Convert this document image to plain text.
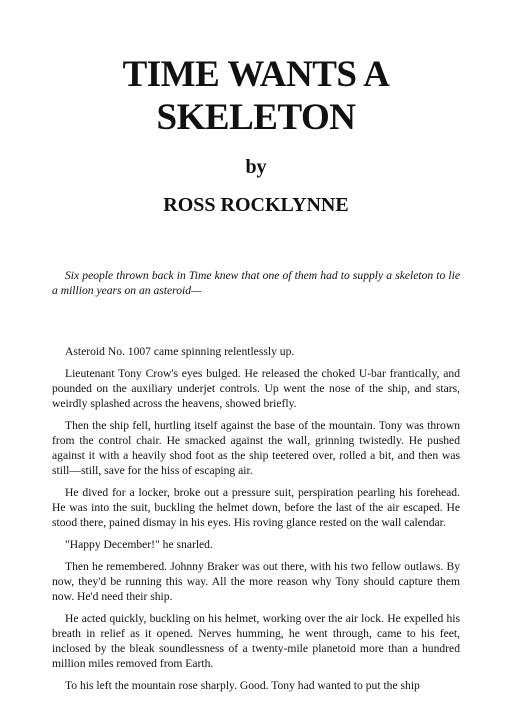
TIME WANTS A
SKELETON
by
ROSS ROCKLYNNE

Six people thrown back in Time knew that one of them had to supply a skeleton to lie a million years on an asteroid—

Asteroid No. 1007 came spinning relentlessly up.

Lieutenant Tony Crow's eyes bulged. He released the choked U-bar frantically, and pounded on the auxiliary underjet controls. Up went the nose of the ship, and stars, weirdly splashed across the heavens, showed briefly.

Then the ship fell, hurtling itself against the base of the mountain. Tony was thrown from the control chair. He smacked against the wall, grinning twistedly. He pushed against it with a heavily shod foot as the ship teetered over, rolled a bit, and then was still—still, save for the hiss of escaping air.

He dived for a locker, broke out a pressure suit, perspiration pearling his forehead. He was into the suit, buckling the helmet down, before the last of the air escaped. He stood there, pained dismay in his eyes. His roving glance rested on the wall calendar.

"Happy December!" he snarled.

Then he remembered. Johnny Braker was out there, with his two fellow outlaws. By now, they'd be running this way. All the more reason why Tony should capture them now. He'd need their ship.

He acted quickly, buckling on his helmet, working over the air lock. He expelled his breath in relief as it opened. Nerves humming, he went through, came to his feet, inclosed by the bleak soundlessness of a twenty-mile planetoid more than a hundred million miles removed from Earth.

To his left the mountain rose sharply. Good. Tony had wanted to put the ship
